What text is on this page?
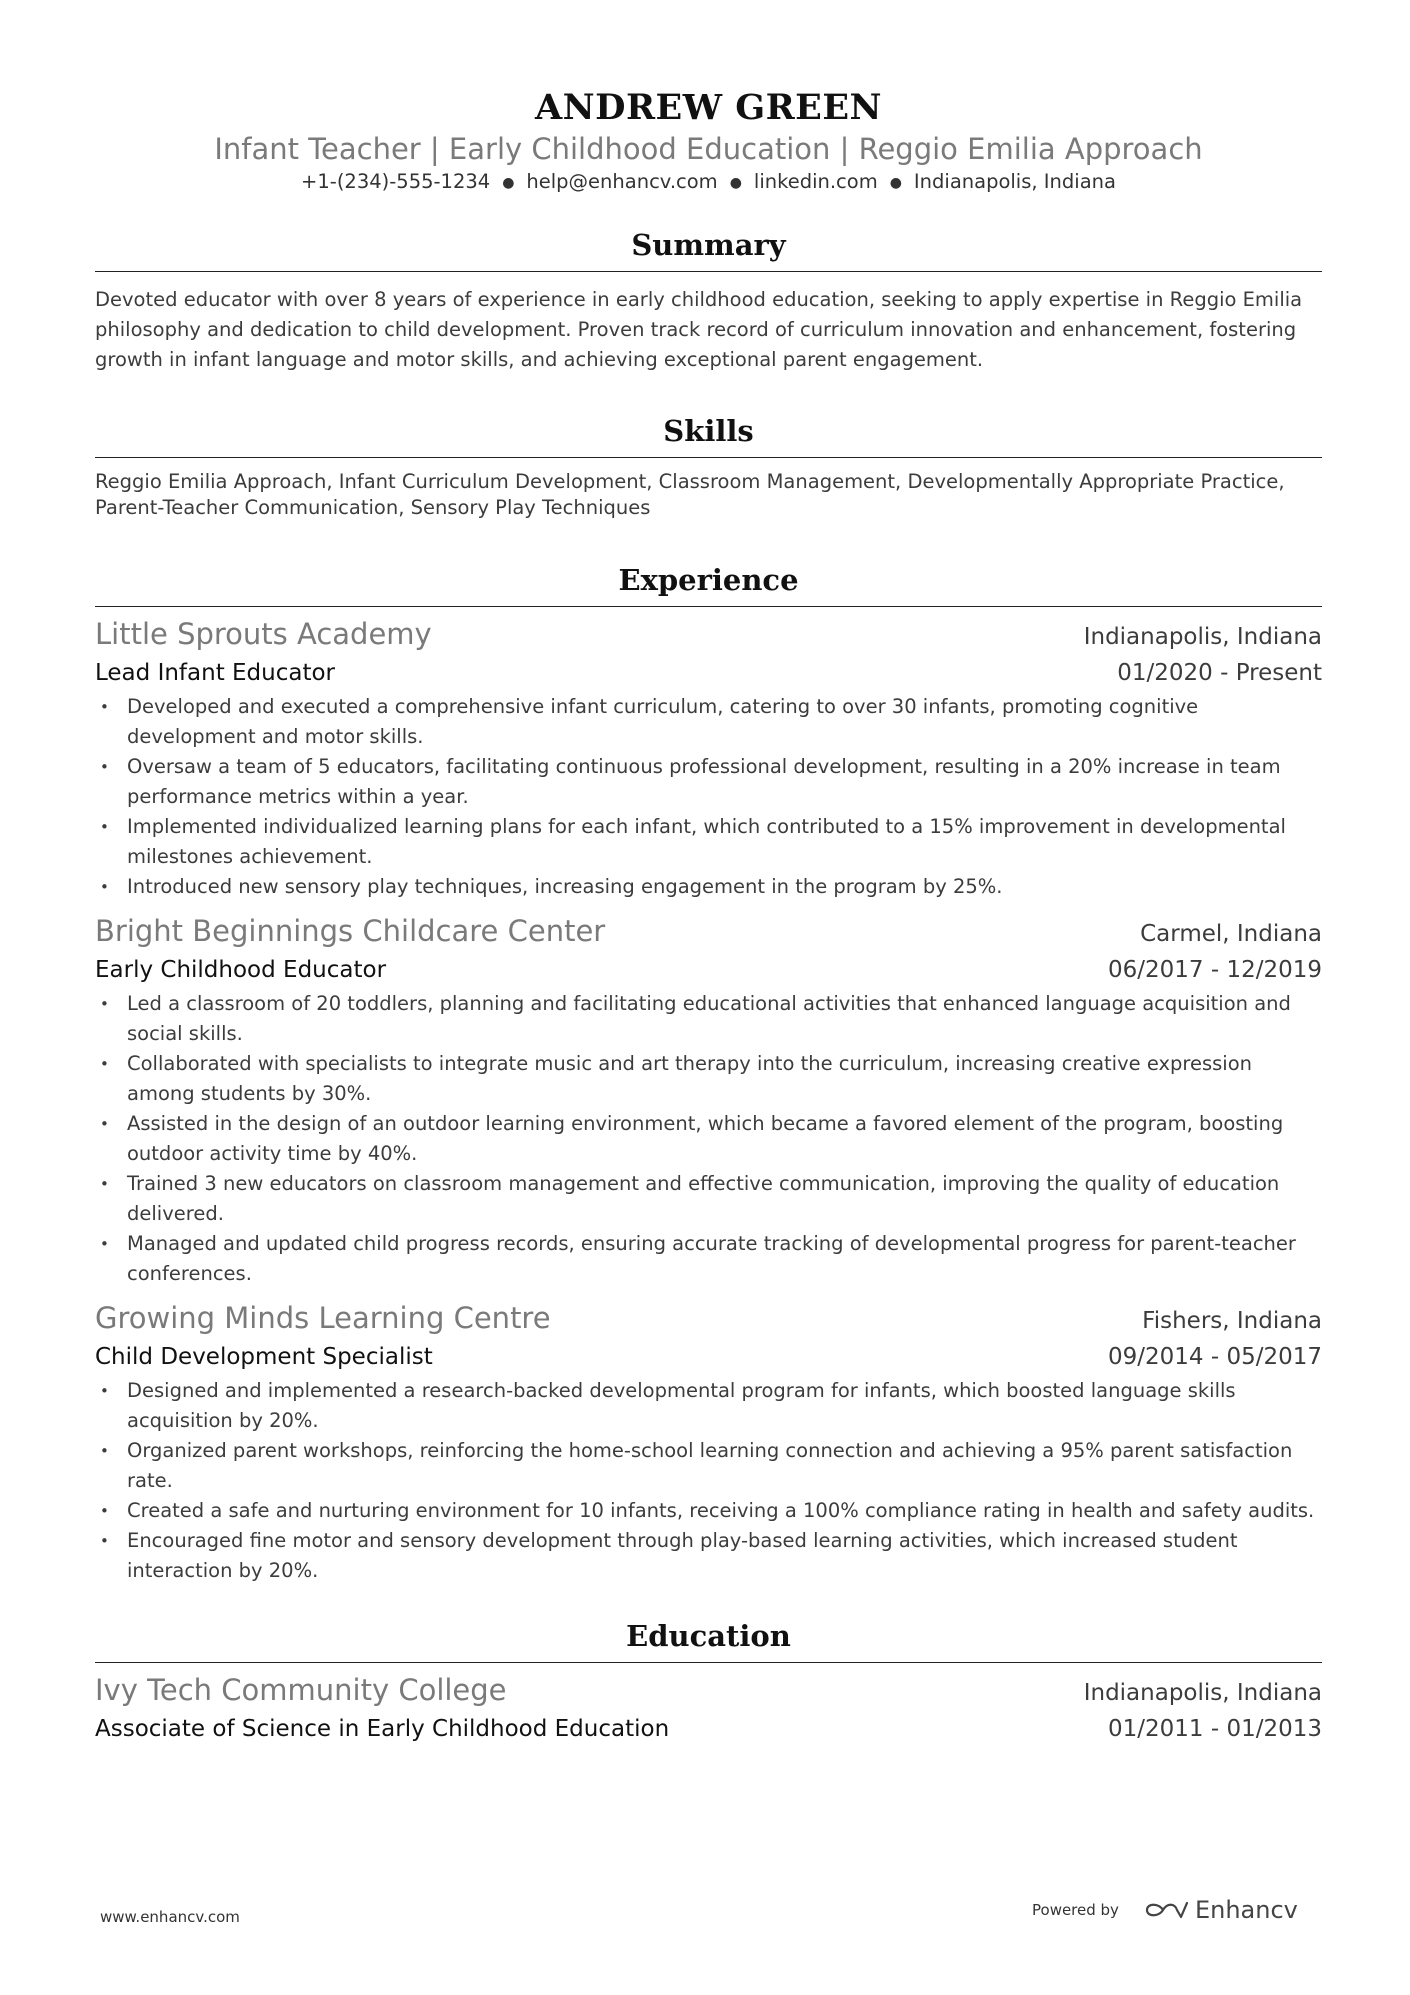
ANDREW GREEN
Infant Teacher | Early Childhood Education | Reggio Emilia Approach
+1-(234)-555-1234 ● help@enhancv.com ● linkedin.com ● Indianapolis, Indiana
Summary
Devoted educator with over 8 years of experience in early childhood education, seeking to apply expertise in Reggio Emilia philosophy and dedication to child development. Proven track record of curriculum innovation and enhancement, fostering growth in infant language and motor skills, and achieving exceptional parent engagement.
Skills
Reggio Emilia Approach, Infant Curriculum Development, Classroom Management, Developmentally Appropriate Practice, Parent-Teacher Communication, Sensory Play Techniques
Experience
Little Sprouts Academy	Indianapolis, Indiana
Lead Infant Educator	01/2020 - Present
• Developed and executed a comprehensive infant curriculum, catering to over 30 infants, promoting cognitive development and motor skills.
• Oversaw a team of 5 educators, facilitating continuous professional development, resulting in a 20% increase in team performance metrics within a year.
• Implemented individualized learning plans for each infant, which contributed to a 15% improvement in developmental milestones achievement.
• Introduced new sensory play techniques, increasing engagement in the program by 25%.
Bright Beginnings Childcare Center	Carmel, Indiana
Early Childhood Educator	06/2017 - 12/2019
• Led a classroom of 20 toddlers, planning and facilitating educational activities that enhanced language acquisition and social skills.
• Collaborated with specialists to integrate music and art therapy into the curriculum, increasing creative expression among students by 30%.
• Assisted in the design of an outdoor learning environment, which became a favored element of the program, boosting outdoor activity time by 40%.
• Trained 3 new educators on classroom management and effective communication, improving the quality of education delivered.
• Managed and updated child progress records, ensuring accurate tracking of developmental progress for parent-teacher conferences.
Growing Minds Learning Centre	Fishers, Indiana
Child Development Specialist	09/2014 - 05/2017
• Designed and implemented a research-backed developmental program for infants, which boosted language skills acquisition by 20%.
• Organized parent workshops, reinforcing the home-school learning connection and achieving a 95% parent satisfaction rate.
• Created a safe and nurturing environment for 10 infants, receiving a 100% compliance rating in health and safety audits.
• Encouraged fine motor and sensory development through play-based learning activities, which increased student interaction by 20%.
Education
Ivy Tech Community College	Indianapolis, Indiana
Associate of Science in Early Childhood Education	01/2011 - 01/2013
www.enhancv.com	Powered by	Enhancv
